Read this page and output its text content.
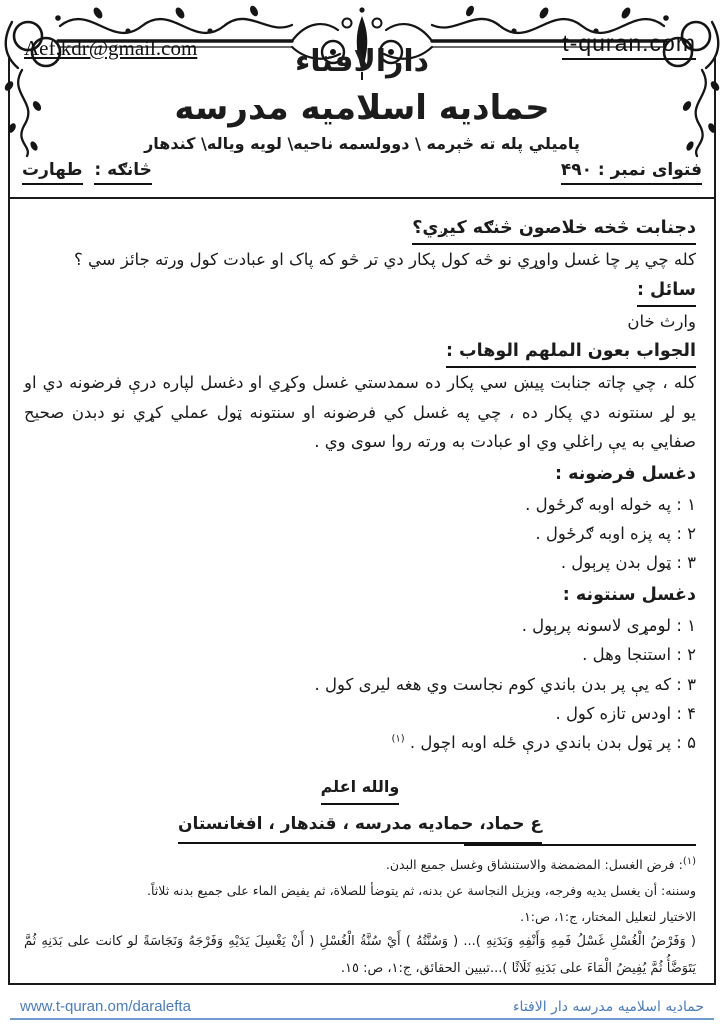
Aef.kdr@gmail.com	t-quran.com
دارالافتاء
حماديه اسلاميه مدرسه
پامیلي پله ته څېرمه \ دوولسمه ناحیه\ لویه ویاله\ کندهار
فتوای نمبر : ۴۹۰
څانګه : طهارت
دجنابت څخه خلاصون څنګه کیږي؟
کله چي پر چا غسل واوړي نو څه کول پکار دي تر څو که پاک او عبادت کول ورته جائز سي ؟
سائل :
وارث خان
الجواب بعون الملهم الوهاب :
کله ، چي چاته جنابت پیښ سي پکار ده سمدستي غسل وکړي او دغسل لپاره درې فرضونه دي او یو لړ سنتونه دي پکار ده ، چي په غسل کي فرضونه او سنتونه ټول عملي کړي نو دبدن صحیح صفایي به یې راغلي وي او عبادت به ورته روا سوی وي .
دغسل فرضونه :
۱ : په خوله اوبه ګرځول .
۲ : په پزه اوبه ګرځول .
۳ : ټول بدن پرېول .
دغسل سنتونه :
۱ : لومړی لاسونه پرېول .
۲ : استنجا وهل .
۳ : که یې پر بدن باندي کوم نجاست وي هغه لیری کول .
۴ : اودس تازه کول .
۵ : پر ټول بدن باندي درې ځله اوبه اچول . $^{(۱)}$
والله اعلم
ع حماد، حمادیه مدرسه ، قندهار ، افغانستان
$^{(١)}$: فرض الغسل: المضمضة والاستنشاق وغسل جميع البدن.
وسننه: أن يغسل يديه وفرجه، ويزيل النجاسة عن بدنه، ثم يتوضأ للصلاة، ثم يفيض الماء على جميع بدنه ثلاثاً.
الاختيار لتعليل المختار، ج:١، ص:١.
( وَفَرْضُ الْغُسْلِ غَسْلُ فَمِهِ وَأَنْفِهِ وَبَدَنِهِ )... ( وَسُنَّتُهُ ) أَيْ سُنَّةُ الْغُسْلِ ( أَنْ يَغْسِلَ يَدَيْهِ وَفَرْجَهُ وَنَجَاسَةً لو كانت على بَدَنِهِ ثُمَّ يَتَوَضَّأُ ثُمَّ يُفِيضُ الْمَاءَ على بَدَنِهِ ثَلَاثًا )...تبيين الحقائق، ج:١، ص: ١٥.
حماديه اسلاميه مدرسه دار الافتاء
www.t-quran.om/daralefta
